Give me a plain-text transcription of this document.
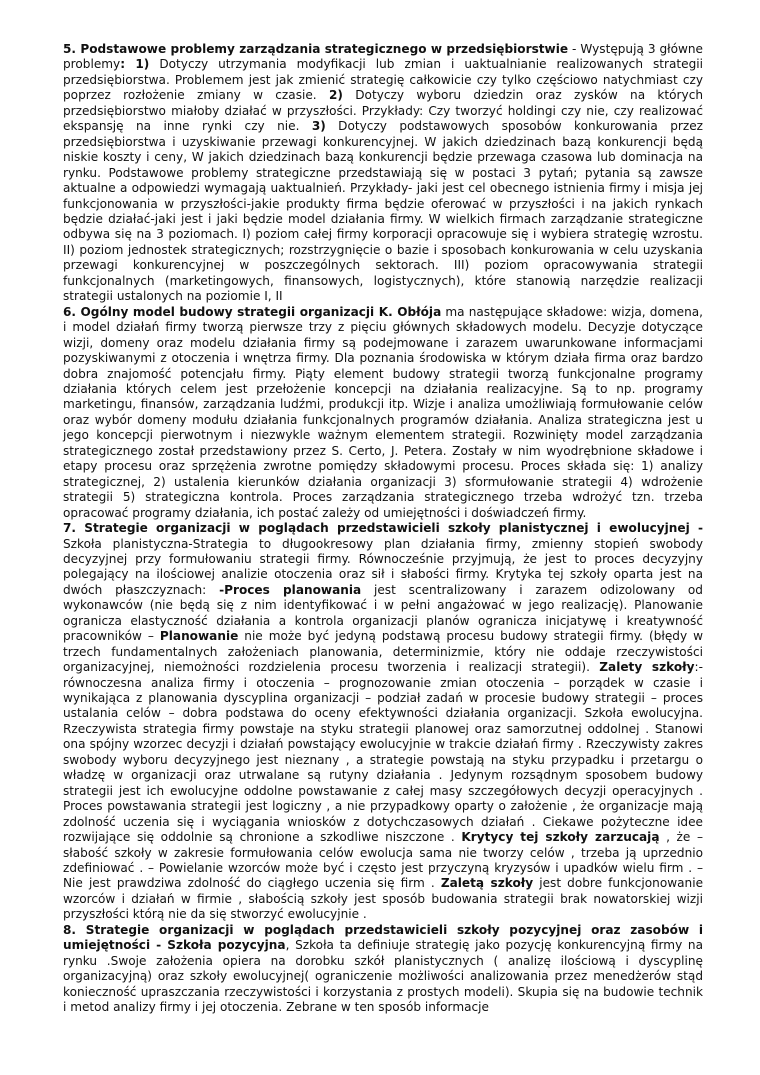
5. Podstawowe problemy zarządzania strategicznego w przedsiębiorstwie - Występują 3 główne problemy: 1) Dotyczy utrzymania modyfikacji lub zmian i uaktualnianie realizowanych strategii przedsiębiorstwa. Problemem jest jak zmienić strategię całkowicie czy tylko częściowo natychmiast czy poprzez rozłożenie zmiany w czasie. 2) Dotyczy wyboru dziedzin oraz zysków na których przedsiębiorstwo miałoby działać w przyszłości. Przykłady: Czy tworzyć holdingi czy nie, czy realizować ekspansję na inne rynki czy nie. 3) Dotyczy podstawowych sposobów konkurowania przez przedsiębiorstwa i uzyskiwanie przewagi konkurencyjnej. W jakich dziedzinach bazą konkurencji będą niskie koszty i ceny, W jakich dziedzinach bazą konkurencji będzie przewaga czasowa lub dominacja na rynku. Podstawowe problemy strategiczne przedstawiają się w postaci 3 pytań; pytania są zawsze aktualne a odpowiedzi wymagają uaktualnień. Przykłady- jaki jest cel obecnego istnienia firmy i misja jej funkcjonowania w przyszłości-jakie produkty firma będzie oferować w przyszłości i na jakich rynkach będzie działać-jaki jest i jaki będzie model działania firmy. W wielkich firmach zarządzanie strategiczne odbywa się na 3 poziomach. I) poziom całej firmy korporacji opracowuje się i wybiera strategię wzrostu. II) poziom jednostek strategicznych; rozstrzygnięcie o bazie i sposobach konkurowania w celu uzyskania przewagi konkurencyjnej w poszczególnych sektorach. III) poziom opracowywania strategii funkcjonalnych (marketingowych, finansowych, logistycznych), które stanowią narzędzie realizacji strategii ustalonych na poziomie I, II

6. Ogólny model budowy strategii organizacji K. Obłója ma następujące składowe: wizja, domena, i model działań firmy tworzą pierwsze trzy z pięciu głównych składowych modelu. Decyzje dotyczące wizji, domeny oraz modelu działania firmy są podejmowane i zarazem uwarunkowane informacjami pozyskiwanymi z otoczenia i wnętrza firmy. Dla poznania środowiska w którym działa firma oraz bardzo dobra znajomość potencjału firmy. Piąty element budowy strategii tworzą funkcjonalne programy działania których celem jest przełożenie koncepcji na działania realizacyjne. Są to np. programy marketingu, finansów, zarządzania ludźmi, produkcji itp. Wizje i analiza umożliwiają formułowanie celów oraz wybór domeny modułu działania funkcjonalnych programów działania. Analiza strategiczna jest u jego koncepcji pierwotnym i niezwykle ważnym elementem strategii. Rozwinięty model zarządzania strategicznego został przedstawiony przez S. Certo, J. Petera. Zostały w nim wyodrębnione składowe i etapy procesu oraz sprzężenia zwrotne pomiędzy składowymi procesu. Proces składa się: 1) analizy strategicznej, 2) ustalenia kierunków działania organizacji 3) sformułowanie strategii 4) wdrożenie strategii 5) strategiczna kontrola. Proces zarządzania strategicznego trzeba wdrożyć tzn. trzeba opracować programy działania, ich postać zależy od umiejętności i doświadczeń firmy.

7. Strategie organizacji w poglądach przedstawicieli szkoły planistycznej i ewolucyjnej - Szkoła planistyczna-Strategia to długookresowy plan działania firmy, zmienny stopień swobody decyzyjnej przy formułowaniu strategii firmy. Równocześnie przyjmują, że jest to proces decyzyjny polegający na ilościowej analizie otoczenia oraz sił i słabości firmy. Krytyka tej szkoły oparta jest na dwóch płaszczyznach: -Proces planowania jest scentralizowany i zarazem odizolowany od wykonawców (nie będą się z nim identyfikować i w pełni angażować w jego realizację). Planowanie ogranicza elastyczność działania a kontrola organizacji planów ogranicza inicjatywę i kreatywność pracowników – Planowanie nie może być jedyną podstawą procesu budowy strategii firmy. (błędy w trzech fundamentalnych założeniach planowania, determinizmie, który nie oddaje rzeczywistości organizacyjnej, niemożności rozdzielenia procesu tworzenia i realizacji strategii). Zalety szkoły:- równoczesna analiza firmy i otoczenia – prognozowanie zmian otoczenia – porządek w czasie i wynikająca z planowania dyscyplina organizacji – podział zadań w procesie budowy strategii – proces ustalania celów – dobra podstawa do oceny efektywności działania organizacji. Szkoła ewolucyjna. Rzeczywista strategia firmy powstaje na styku strategii planowej oraz samorzutnej oddolnej . Stanowi ona spójny wzorzec decyzji i działań powstający ewolucyjnie w trakcie działań firmy . Rzeczywisty zakres swobody wyboru decyzyjnego jest nieznany , a strategie powstają na styku przypadku i przetargu o władzę w organizacji oraz utrwalane są rutyny działania . Jedynym rozsądnym sposobem budowy strategii jest ich ewolucyjne oddolne powstawanie z całej masy szczegółowych decyzji operacyjnych . Proces powstawania strategii jest logiczny , a nie przypadkowy oparty o założenie , że organizacje mają zdolność uczenia się i wyciągania wniosków z dotychczasowych działań . Ciekawe pożyteczne idee rozwijające się oddolnie są chronione a szkodliwe niszczone . Krytycy tej szkoły zarzucają , że – słabość szkoły w zakresie formułowania celów ewolucja sama nie tworzy celów , trzeba ją uprzednio zdefiniować . – Powielanie wzorców może być i często jest przyczyną kryzysów i upadków wielu firm . – Nie jest prawdziwa zdolność do ciągłego uczenia się firm . Zaletą szkoły jest dobre funkcjonowanie wzorców i działań w firmie , słabością szkoły jest sposób budowania strategii brak nowatorskiej wizji przyszłości którą nie da się stworzyć ewolucyjnie .

8. Strategie organizacji w poglądach przedstawicieli szkoły pozycyjnej oraz zasobów i umiejętności - Szkoła pozycyjna, Szkoła ta definiuje strategię jako pozycję konkurencyjną firmy na rynku .Swoje założenia opiera na dorobku szkół planistycznych ( analizę ilościową i dyscyplinę organizacyjną) oraz szkoły ewolucyjnej( ograniczenie możliwości analizowania przez menedżerów stąd konieczność upraszczania rzeczywistości i korzystania z prostych modeli). Skupia się na budowie technik i metod analizy firmy i jej otoczenia. Zebrane w ten sposób informacje
